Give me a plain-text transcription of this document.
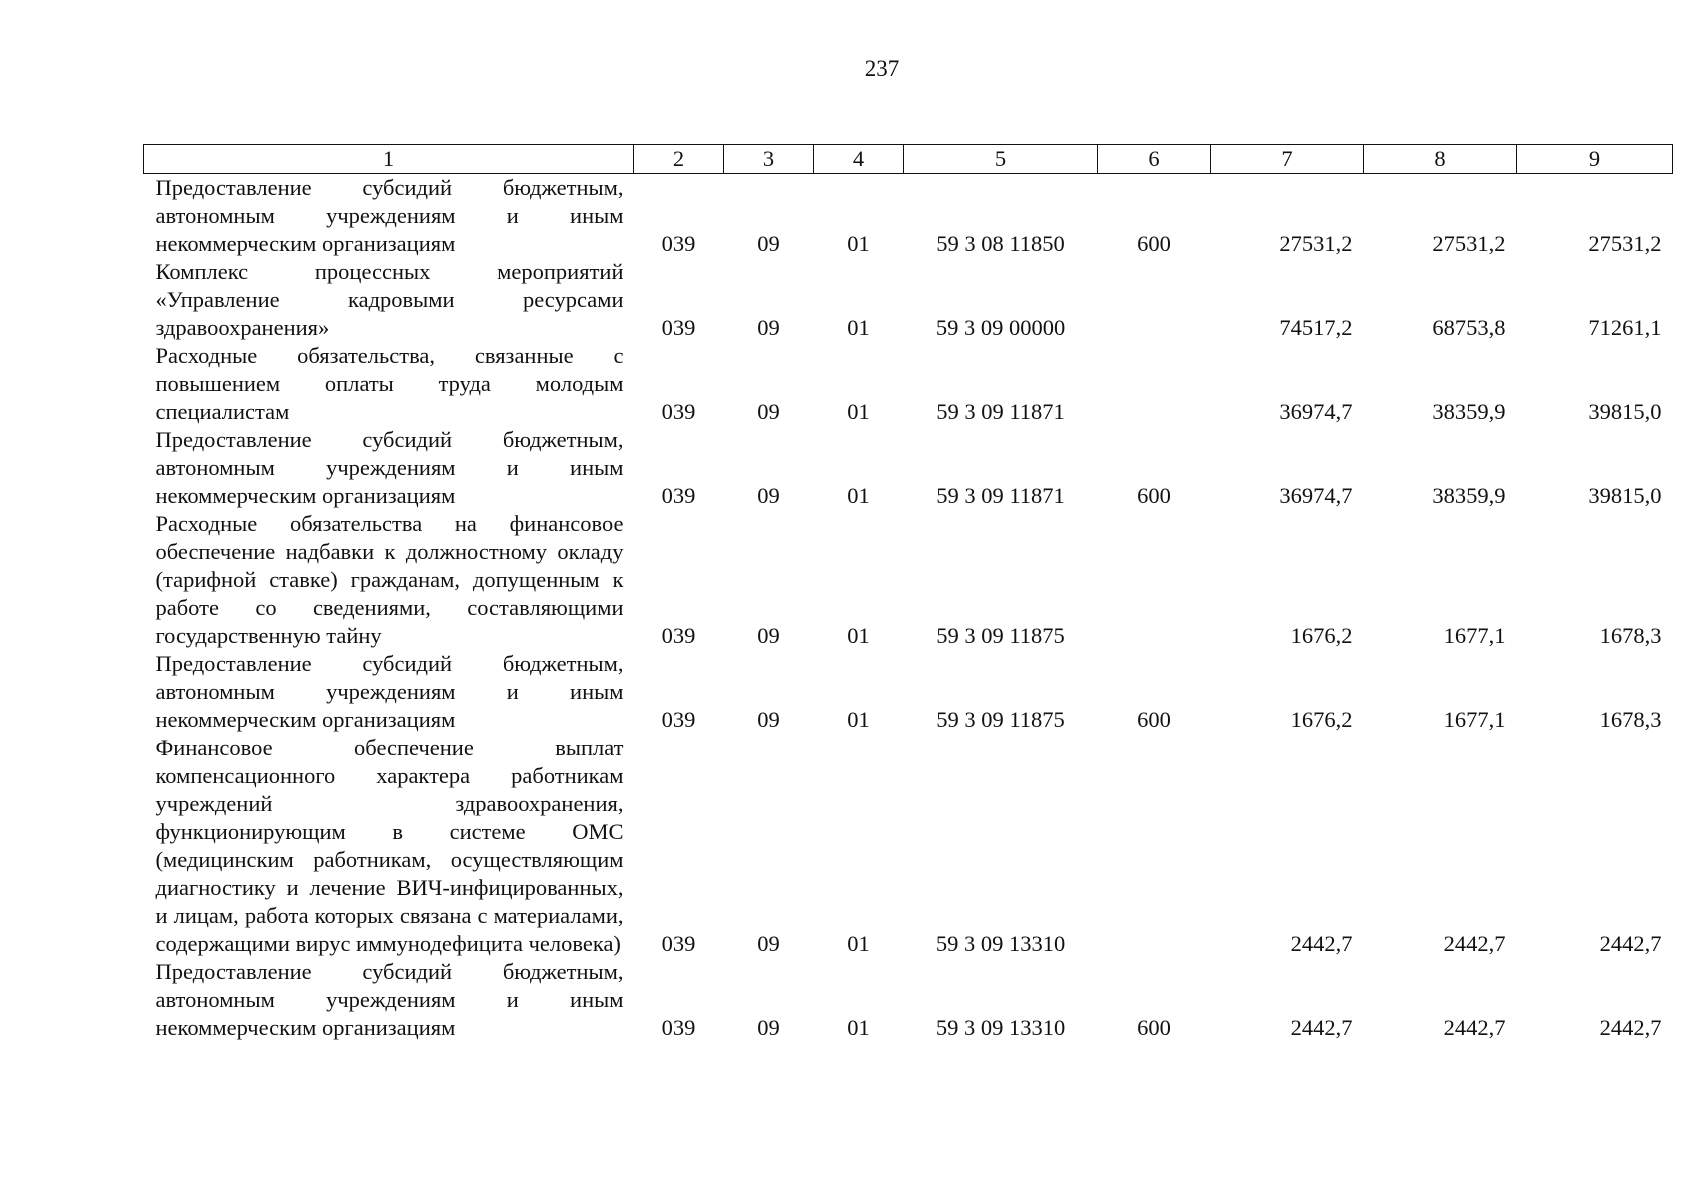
237
1	2	3	4	5	6	7	8	9
Предоставление субсидий бюджетным, автономным учреждениям и иным некоммерческим организациям	039	09	01	59 3 08 11850	600	27531,2	27531,2	27531,2
Комплекс процессных мероприятий «Управление кадровыми ресурсами здравоохранения»	039	09	01	59 3 09 00000		74517,2	68753,8	71261,1
Расходные обязательства, связанные с повышением оплаты труда молодым специалистам	039	09	01	59 3 09 11871		36974,7	38359,9	39815,0
Предоставление субсидий бюджетным, автономным учреждениям и иным некоммерческим организациям	039	09	01	59 3 09 11871	600	36974,7	38359,9	39815,0
Расходные обязательства на финансовое обеспечение надбавки к должностному окладу (тарифной ставке) гражданам, допущенным к работе со сведениями, составляющими государственную тайну	039	09	01	59 3 09 11875		1676,2	1677,1	1678,3
Предоставление субсидий бюджетным, автономным учреждениям и иным некоммерческим организациям	039	09	01	59 3 09 11875	600	1676,2	1677,1	1678,3
Финансовое обеспечение выплат компенсационного характера работникам учреждений здравоохранения, функционирующим в системе ОМС (медицинским работникам, осуществляющим диагностику и лечение ВИЧ-инфицированных, и лицам, работа которых связана с материалами, содержащими вирус иммунодефицита человека)	039	09	01	59 3 09 13310		2442,7	2442,7	2442,7
Предоставление субсидий бюджетным, автономным учреждениям и иным некоммерческим организациям	039	09	01	59 3 09 13310	600	2442,7	2442,7	2442,7
